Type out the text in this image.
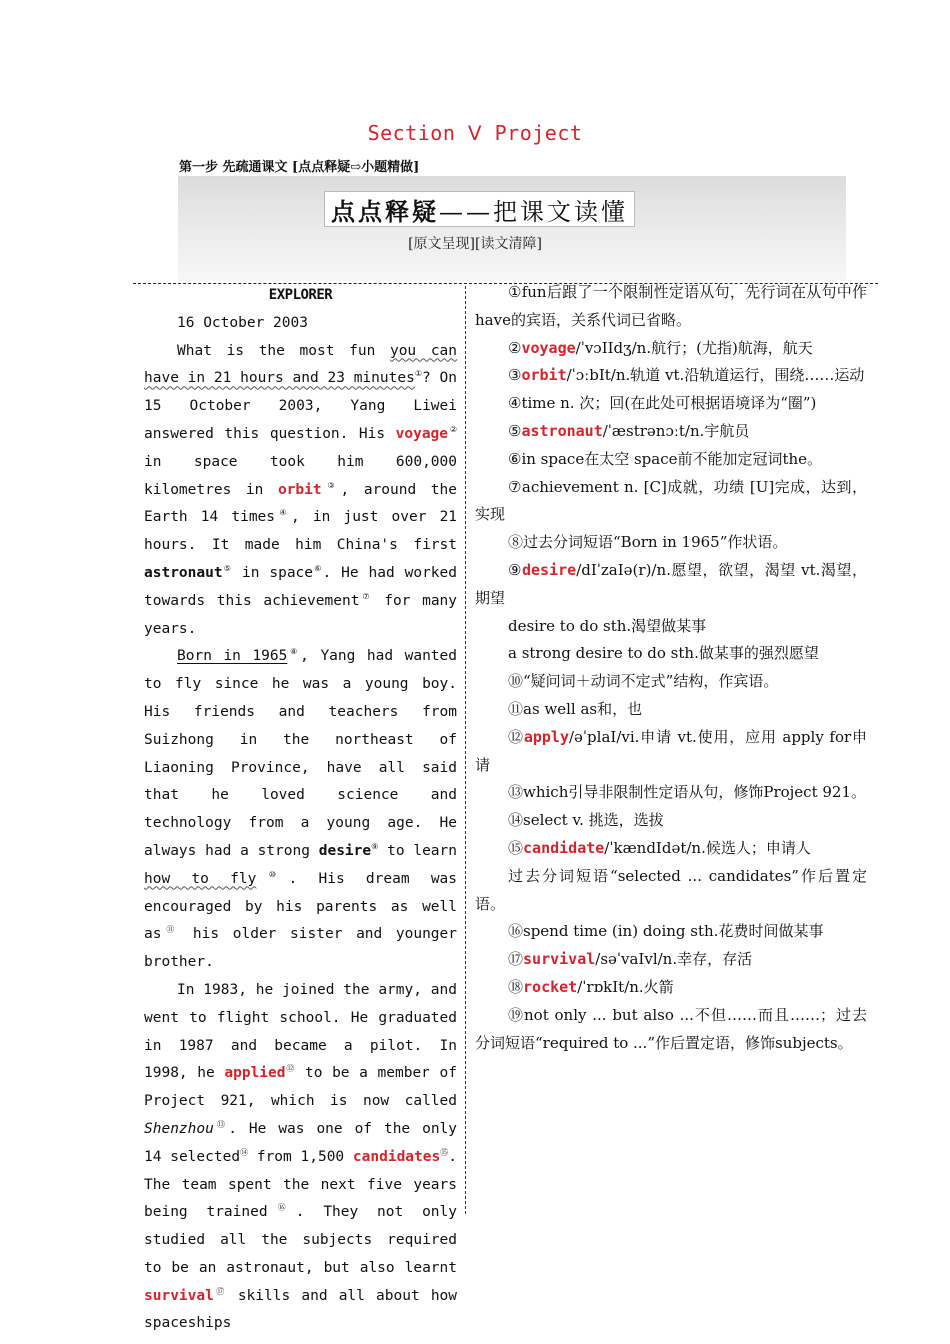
Section Ⅴ Project
第一步 先疏通课文 [点点释疑⇨小题精做]
点点释疑 ——把课文读懂
[原文呈现][读文清障]

EXPLORER

16 October 2003

What is the most fun you can have in 21 hours and 23 minutes①? On 15 October 2003, Yang Liwei answered this question. His voyage② in space took him 600,000 kilometres in orbit③, around the Earth 14 times④, in just over 21 hours. It made him China's first astronaut⑤ in space⑥. He had worked towards this achievement⑦ for many years.

Born in 1965⑧, Yang had wanted to fly since he was a young boy. His friends and teachers from Suizhong in the northeast of Liaoning Province, have all said that he loved science and technology from a young age. He always had a strong desire⑨ to learn how to fly⑩. His dream was encouraged by his parents as well as⑪ his older sister and younger brother.

In 1983, he joined the army, and went to flight school. He graduated in 1987 and became a pilot. In 1998, he applied⑫ to be a member of Project 921, which is now called Shenzhou⑬. He was one of the only 14 selected⑭ from 1,500 candidates⑮. The team spent the next five years being trained⑯. They not only studied all the subjects required to be an astronaut, but also learnt survival⑰ skills and all about how spaceships

①fun后跟了一个限制性定语从句，先行词在从句中作have的宾语，关系代词已省略。

②voyage/ˈvɔIIdʒ/n.航行；(尤指)航海，航天

③orbit/ˈɔːbIt/n.轨道 vt.沿轨道运行，围绕……运动

④time n. 次；回(在此处可根据语境译为“圈”)

⑤astronaut/ˈæstrənɔːt/n.宇航员

⑥in space在太空 space前不能加定冠词the。

⑦achievement n. [C]成就，功绩 [U]完成，达到，实现

⑧过去分词短语“Born in 1965”作状语。

⑨desire/dIˈzaIə(r)/n.愿望，欲望，渴望 vt.渴望，期望

desire to do sth.渴望做某事

a strong desire to do sth.做某事的强烈愿望

⑩“疑问词＋动词不定式”结构，作宾语。

⑪as well as和，也

⑫apply/əˈplaI/vi.申请 vt.使用，应用 apply for申请

⑬which引导非限制性定语从句，修饰Project 921。

⑭select v. 挑选，选拔

⑮candidate/ˈkændIdət/n.候选人；申请人

过去分词短语“selected ... candidates”作后置定语。

⑯spend time (in) doing sth.花费时间做某事

⑰survival/səˈvaIvl/n.幸存，存活

⑱rocket/ˈrɒkIt/n.火箭

⑲not only ... but also ...不但……而且……；过去分词短语“required to ...”作后置定语，修饰subjects。
